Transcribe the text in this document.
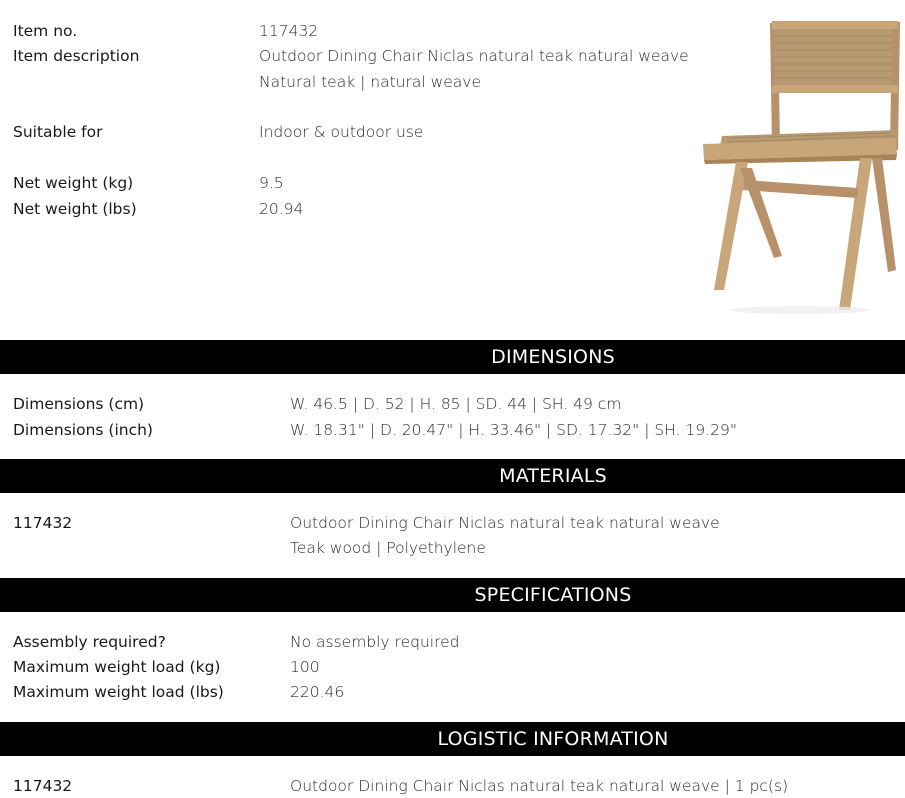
Item no.	117432
Item description	Outdoor Dining Chair Niclas natural teak natural weave
Natural teak | natural weave
Suitable for	Indoor & outdoor use
Net weight (kg)	9.5
Net weight (lbs)	20.94
DIMENSIONS
Dimensions (cm)	W. 46.5 | D. 52 | H. 85 | SD. 44 | SH. 49 cm
Dimensions (inch)	W. 18.31" | D. 20.47" | H. 33.46" | SD. 17.32" | SH. 19.29"
MATERIALS
117432	Outdoor Dining Chair Niclas natural teak natural weave
Teak wood | Polyethylene
SPECIFICATIONS
Assembly required?	No assembly required
Maximum weight load (kg)	100
Maximum weight load (lbs)	220.46
LOGISTIC INFORMATION
117432	Outdoor Dining Chair Niclas natural teak natural weave | 1 pc(s)
